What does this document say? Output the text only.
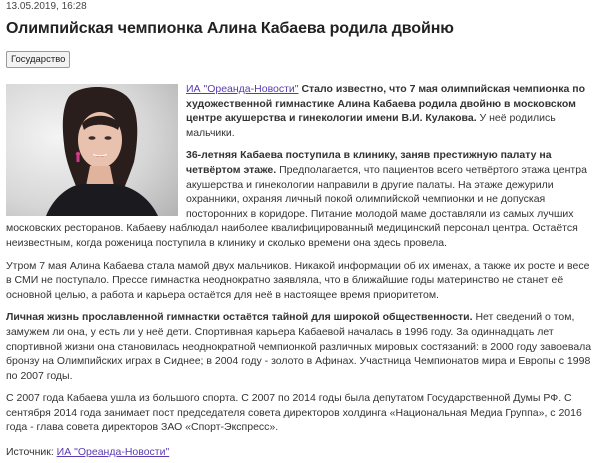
13.05.2019, 16:28
Олимпийская чемпионка Алина Кабаева родила двойню
Государство

ИА "Ореанда-Новости" Стало известно, что 7 мая олимпийская чемпионка по художественной гимнастике Алина Кабаева родила двойню в московском центре акушерства и гинекологии имени В.И. Кулакова. У неё родились мальчики.

36-летняя Кабаева поступила в клинику, заняв престижную палату на четвёртом этаже. Предполагается, что пациентов всего четвёртого этажа центра акушерства и гинекологии направили в другие палаты. На этаже дежурили охранники, охраняя личный покой олимпийской чемпионки и не допуская посторонних в коридоре. Питание молодой маме доставляли из самых лучших московских ресторанов. Кабаеву наблюдал наиболее квалифицированный медицинский персонал центра. Остаётся неизвестным, когда роженица поступила в клинику и сколько времени она здесь провела.

Утром 7 мая Алина Кабаева стала мамой двух мальчиков. Никакой информации об их именах, а также их росте и весе в СМИ не поступало. Прессе гимнастка неоднократно заявляла, что в ближайшие годы материнство не станет её основной целью, а работа и карьера остаётся для неё в настоящее время приоритетом.

Личная жизнь прославленной гимнастки остаётся тайной для широкой общественности. Нет сведений о том, замужем ли она, у есть ли у неё дети. Спортивная карьера Кабаевой началась в 1996 году. За одиннадцать лет спортивной жизни она становилась неоднократной чемпионкой различных мировых состязаний: в 2000 году завоевала бронзу на Олимпийских играх в Сиднее; в 2004 году - золото в Афинах. Участница Чемпионатов мира и Европы с 1998 по 2007 годы.

С 2007 года Кабаева ушла из большого спорта. С 2007 по 2014 годы была депутатом Государственной Думы РФ. С сентября 2014 года занимает пост председателя совета директоров холдинга «Национальная Медиа Группа», с 2016 года - глава совета директоров ЗАО «Спорт-Экспресс».

Источник: ИА "Ореанда-Новости"
